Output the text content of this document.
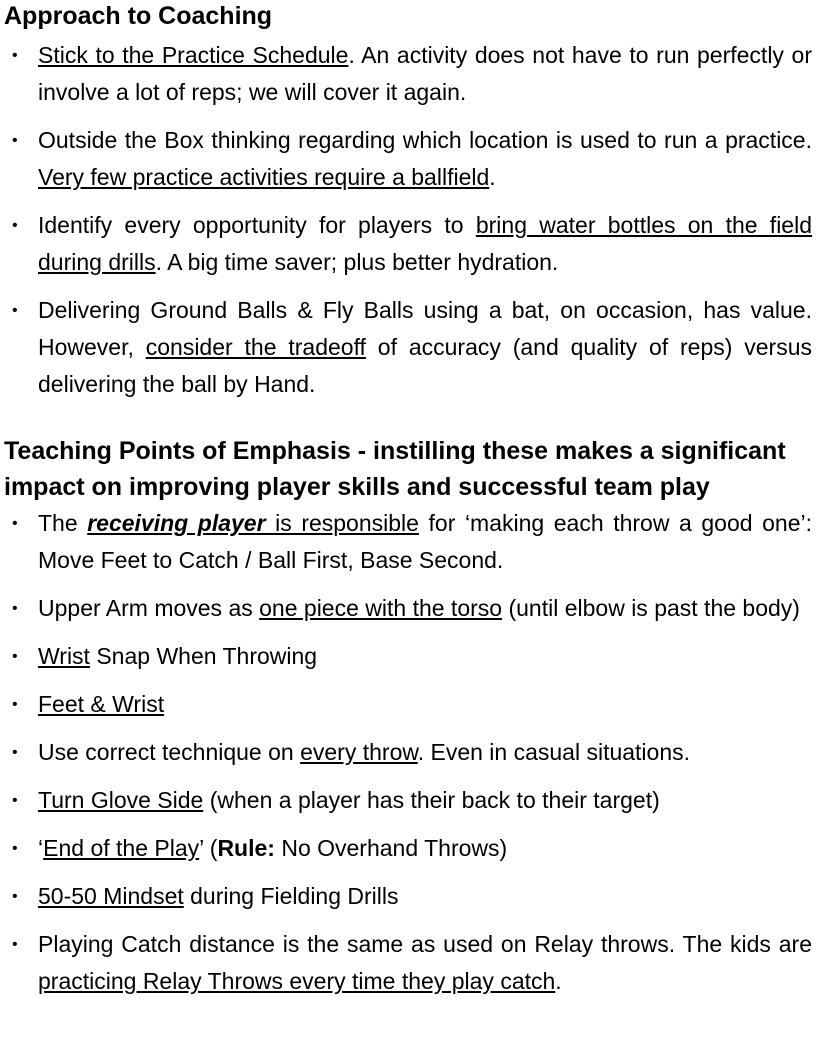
Approach to Coaching
• Stick to the Practice Schedule. An activity does not have to run perfectly or involve a lot of reps; we will cover it again.
• Outside the Box thinking regarding which location is used to run a practice. Very few practice activities require a ballfield.
• Identify every opportunity for players to bring water bottles on the field during drills. A big time saver; plus better hydration.
• Delivering Ground Balls & Fly Balls using a bat, on occasion, has value. However, consider the tradeoff of accuracy (and quality of reps) versus delivering the ball by Hand.
Teaching Points of Emphasis - instilling these makes a significant impact on improving player skills and successful team play
• The receiving player is responsible for ‘making each throw a good one’: Move Feet to Catch / Ball First, Base Second.
• Upper Arm moves as one piece with the torso (until elbow is past the body)
• Wrist Snap When Throwing
• Feet & Wrist
• Use correct technique on every throw. Even in casual situations.
• Turn Glove Side (when a player has their back to their target)
• ‘End of the Play’ (Rule: No Overhand Throws)
• 50-50 Mindset during Fielding Drills
• Playing Catch distance is the same as used on Relay throws. The kids are practicing Relay Throws every time they play catch.
